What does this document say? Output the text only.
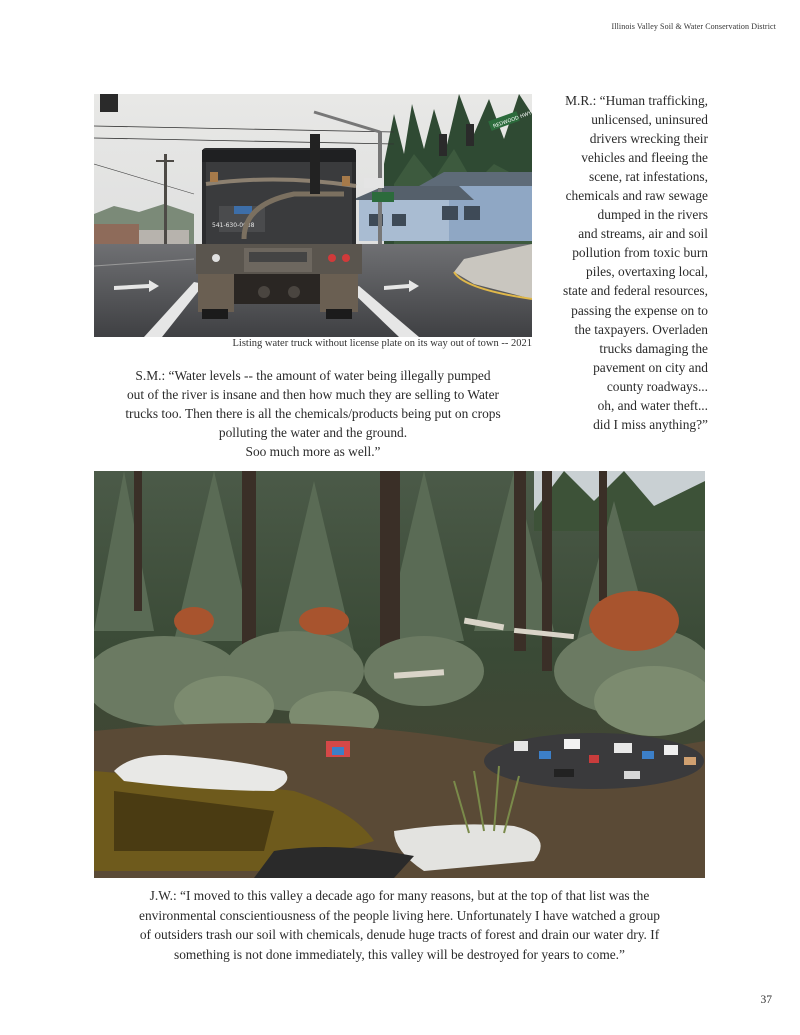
Illinois Valley Soil & Water Conservation District
REDWOOD HWY
541-630-0638
Listing water truck without license plate on its way out of town -- 2021
M.R.: “Human trafficking,
unlicensed, uninsured
drivers wrecking their
vehicles and fleeing the
scene, rat infestations,
chemicals and raw sewage
dumped in the rivers
and streams, air and soil
pollution from toxic burn
piles, overtaxing local,
state and federal resources,
passing the expense on to
the taxpayers. Overladen
trucks damaging the
pavement on city and
county roadways...
oh, and water theft...
did I miss anything?”
S.M.: “Water levels -- the amount of water being illegally pumped
out of the river is insane and then how much they are selling to Water
trucks too. Then there is all the chemicals/products being put on crops
polluting the water and the ground.
Soo much more as well.”
J.W.: “I moved to this valley a decade ago for many reasons, but at the top of that list was the
environmental conscientiousness of the people living here. Unfortunately I have watched a group
of outsiders trash our soil with chemicals, denude huge tracts of forest and drain our water dry. If
something is not done immediately, this valley will be destroyed for years to come.”
37
